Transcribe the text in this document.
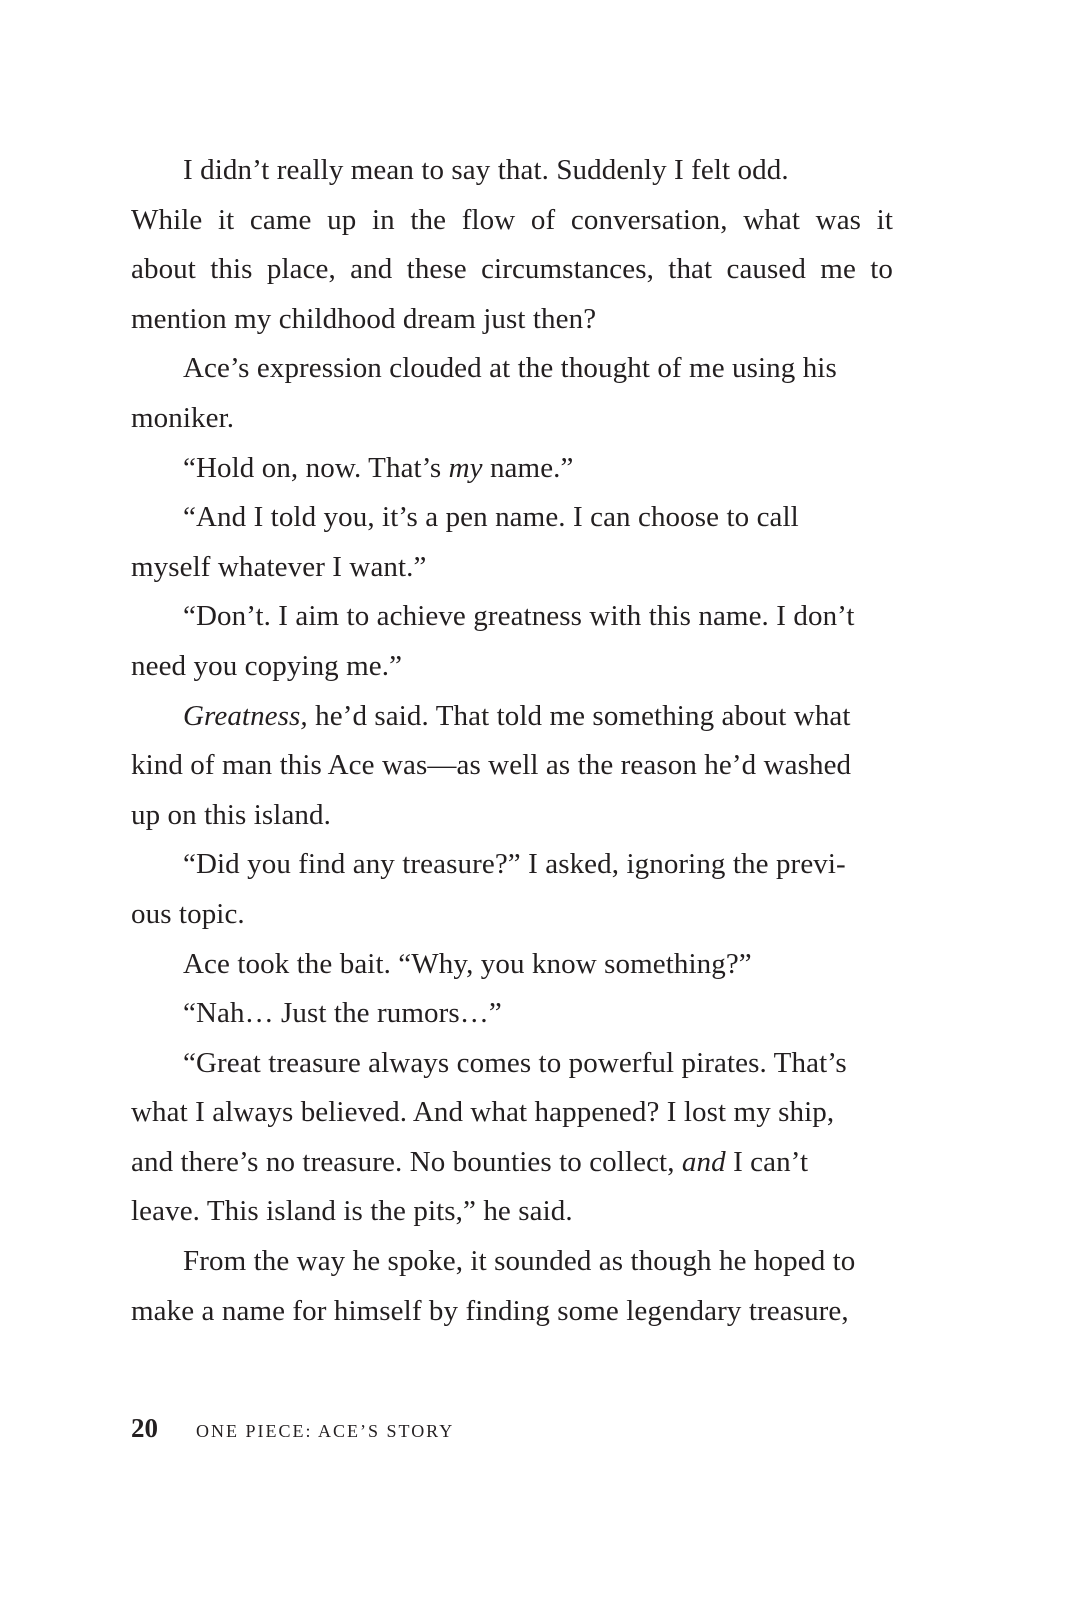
I didn’t really mean to say that. Suddenly I felt odd.
While it came up in the flow of conversation, what was it
about this place, and these circumstances, that caused me to
mention my childhood dream just then?
Ace’s expression clouded at the thought of me using his
moniker.
“Hold on, now. That’s my name.”
“And I told you, it’s a pen name. I can choose to call
myself whatever I want.”
“Don’t. I aim to achieve greatness with this name. I don’t
need you copying me.”
Greatness, he’d said. That told me something about what
kind of man this Ace was—as well as the reason he’d washed
up on this island.
“Did you find any treasure?” I asked, ignoring the previ-
ous topic.
Ace took the bait. “Why, you know something?”
“Nah… Just the rumors…”
“Great treasure always comes to powerful pirates. That’s
what I always believed. And what happened? I lost my ship,
and there’s no treasure. No bounties to collect, and I can’t
leave. This island is the pits,” he said.
From the way he spoke, it sounded as though he hoped to
make a name for himself by finding some legendary treasure,
20 ONE PIECE: ACE’S STORY
